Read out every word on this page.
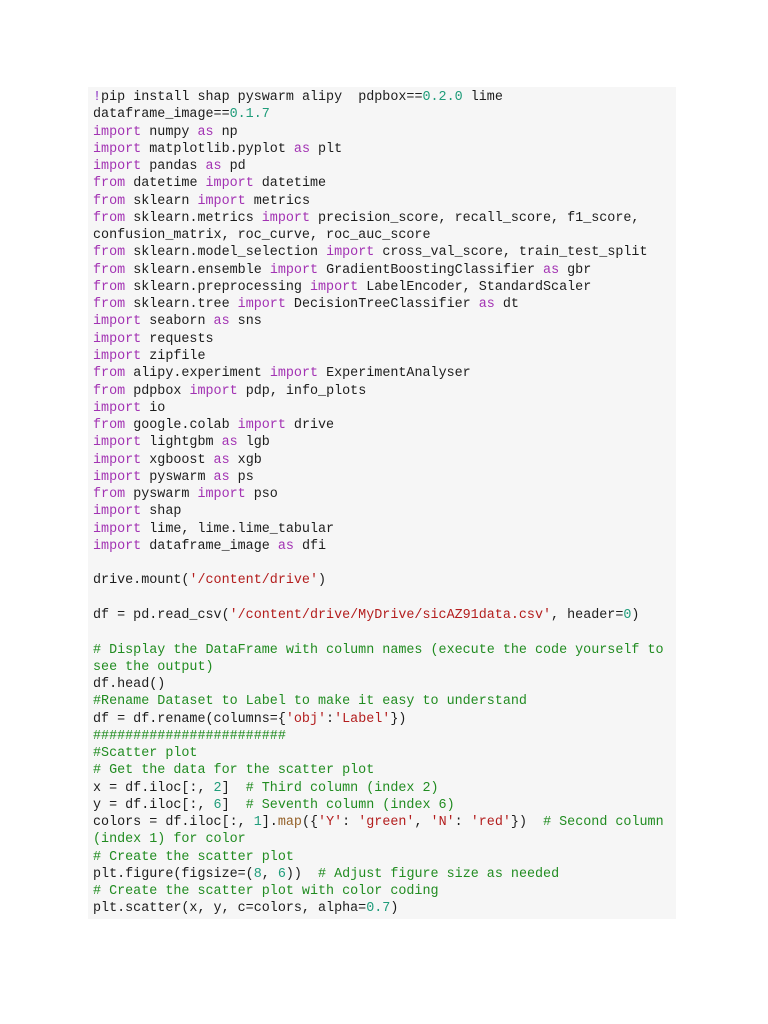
!pip install shap pyswarm alipy  pdpbox==0.2.0 lime
dataframe_image==0.1.7
import numpy as np
import matplotlib.pyplot as plt
import pandas as pd
from datetime import datetime
from sklearn import metrics
from sklearn.metrics import precision_score, recall_score, f1_score,
confusion_matrix, roc_curve, roc_auc_score
from sklearn.model_selection import cross_val_score, train_test_split
from sklearn.ensemble import GradientBoostingClassifier as gbr
from sklearn.preprocessing import LabelEncoder, StandardScaler
from sklearn.tree import DecisionTreeClassifier as dt
import seaborn as sns
import requests
import zipfile
from alipy.experiment import ExperimentAnalyser
from pdpbox import pdp, info_plots
import io
from google.colab import drive
import lightgbm as lgb
import xgboost as xgb
import pyswarm as ps
from pyswarm import pso
import shap
import lime, lime.lime_tabular
import dataframe_image as dfi
drive.mount('/content/drive')
df = pd.read_csv('/content/drive/MyDrive/sicAZ91data.csv', header=0)
# Display the DataFrame with column names (execute the code yourself to
see the output)
df.head()
#Rename Dataset to Label to make it easy to understand
df = df.rename(columns={'obj':'Label'})
########################
#Scatter plot
# Get the data for the scatter plot
x = df.iloc[:, 2]  # Third column (index 2)
y = df.iloc[:, 6]  # Seventh column (index 6)
colors = df.iloc[:, 1].map({'Y': 'green', 'N': 'red'})  # Second column
(index 1) for color
# Create the scatter plot
plt.figure(figsize=(8, 6))  # Adjust figure size as needed
# Create the scatter plot with color coding
plt.scatter(x, y, c=colors, alpha=0.7)
